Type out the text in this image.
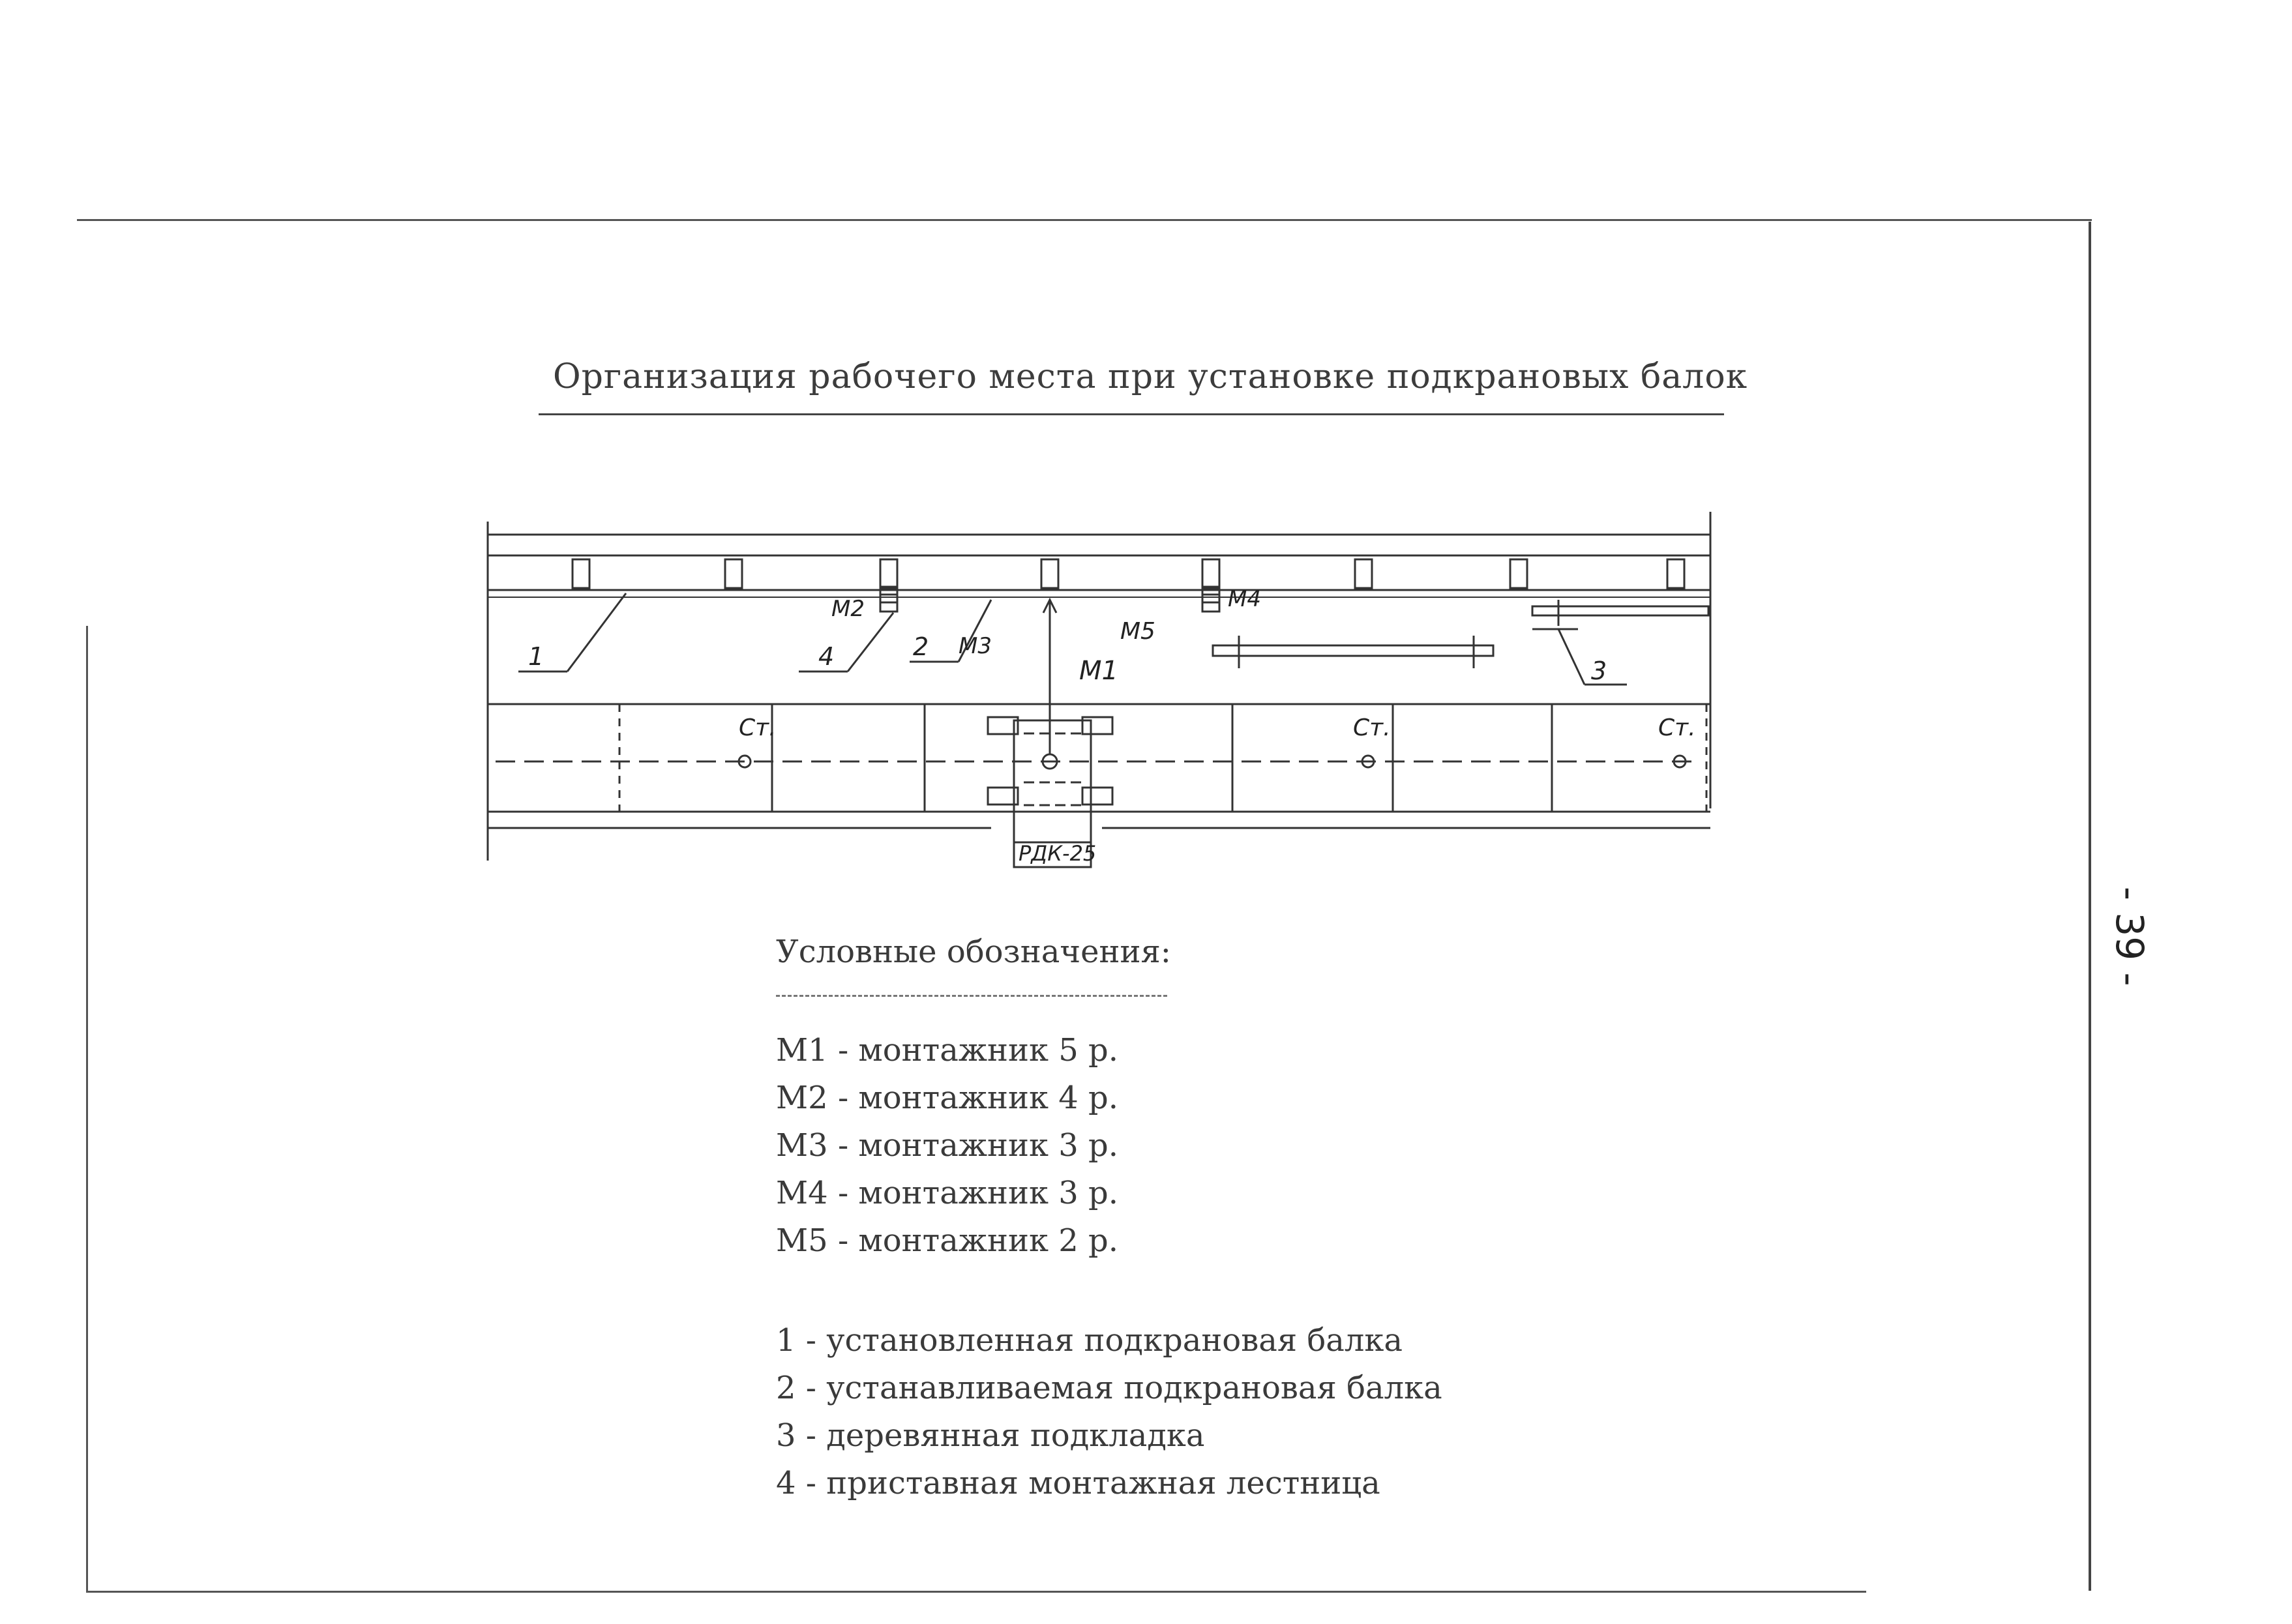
- 39 -
Организация рабочего места при установке подкрановых балок
1	2
3
4	М1
М2
М3
М4
М5
Ст.	Ст.	Ст.
РДК-25
Условные обозначения:
М1 - монтажник 5 р.
М2 - монтажник 4 р.
М3 - монтажник 3 р.
М4 - монтажник 3 р.
М5 - монтажник 2 р.
1 - установленная подкрановая балка
2 - устанавливаемая подкрановая балка
3 - деревянная подкладка
4 - приставная монтажная лестница
